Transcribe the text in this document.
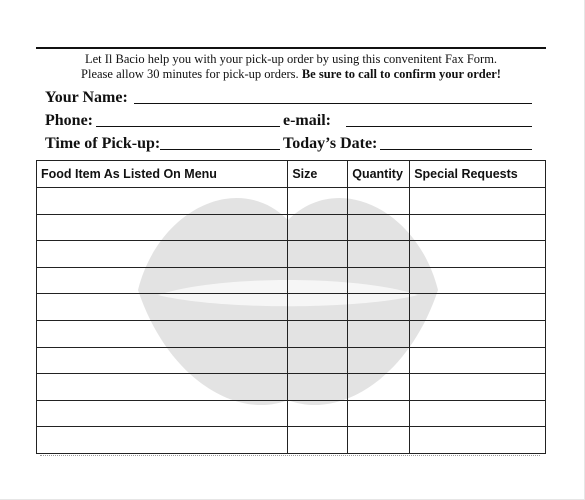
Let Il Bacio help you with your pick-up order by using this convenitent Fax Form.
Please allow 30 minutes for pick-up orders. Be sure to call to confirm your order!
Your Name:
Phone:	e-mail:
Time of Pick-up:	Today’s Date:
Food Item As Listed On Menu	Size	Quantity	Special Requests
